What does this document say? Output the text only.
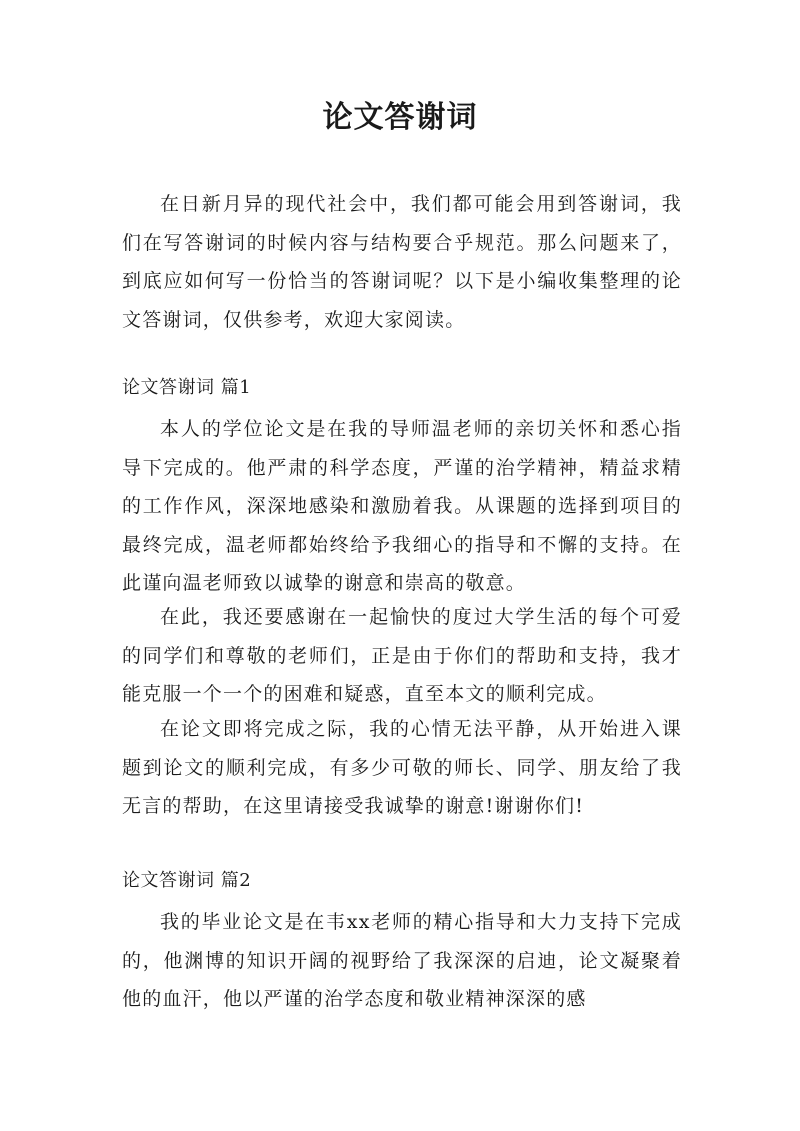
论文答谢词

在日新月异的现代社会中，我们都可能会用到答谢词，我们在写答谢词的时候内容与结构要合乎规范。那么问题来了，到底应如何写一份恰当的答谢词呢？以下是小编收集整理的论文答谢词，仅供参考，欢迎大家阅读。

论文答谢词 篇1

本人的学位论文是在我的导师温老师的亲切关怀和悉心指导下完成的。他严肃的科学态度，严谨的治学精神，精益求精的工作作风，深深地感染和激励着我。从课题的选择到项目的最终完成，温老师都始终给予我细心的指导和不懈的支持。在此谨向温老师致以诚挚的谢意和崇高的敬意。

在此，我还要感谢在一起愉快的度过大学生活的每个可爱的同学们和尊敬的老师们，正是由于你们的帮助和支持，我才能克服一个一个的困难和疑惑，直至本文的顺利完成。

在论文即将完成之际，我的心情无法平静，从开始进入课题到论文的顺利完成，有多少可敬的师长、同学、朋友给了我无言的帮助，在这里请接受我诚挚的谢意!谢谢你们!

论文答谢词 篇2

我的毕业论文是在韦xx老师的精心指导和大力支持下完成的，他渊博的知识开阔的视野给了我深深的启迪，论文凝聚着他的血汗，他以严谨的治学态度和敬业精神深深的感
